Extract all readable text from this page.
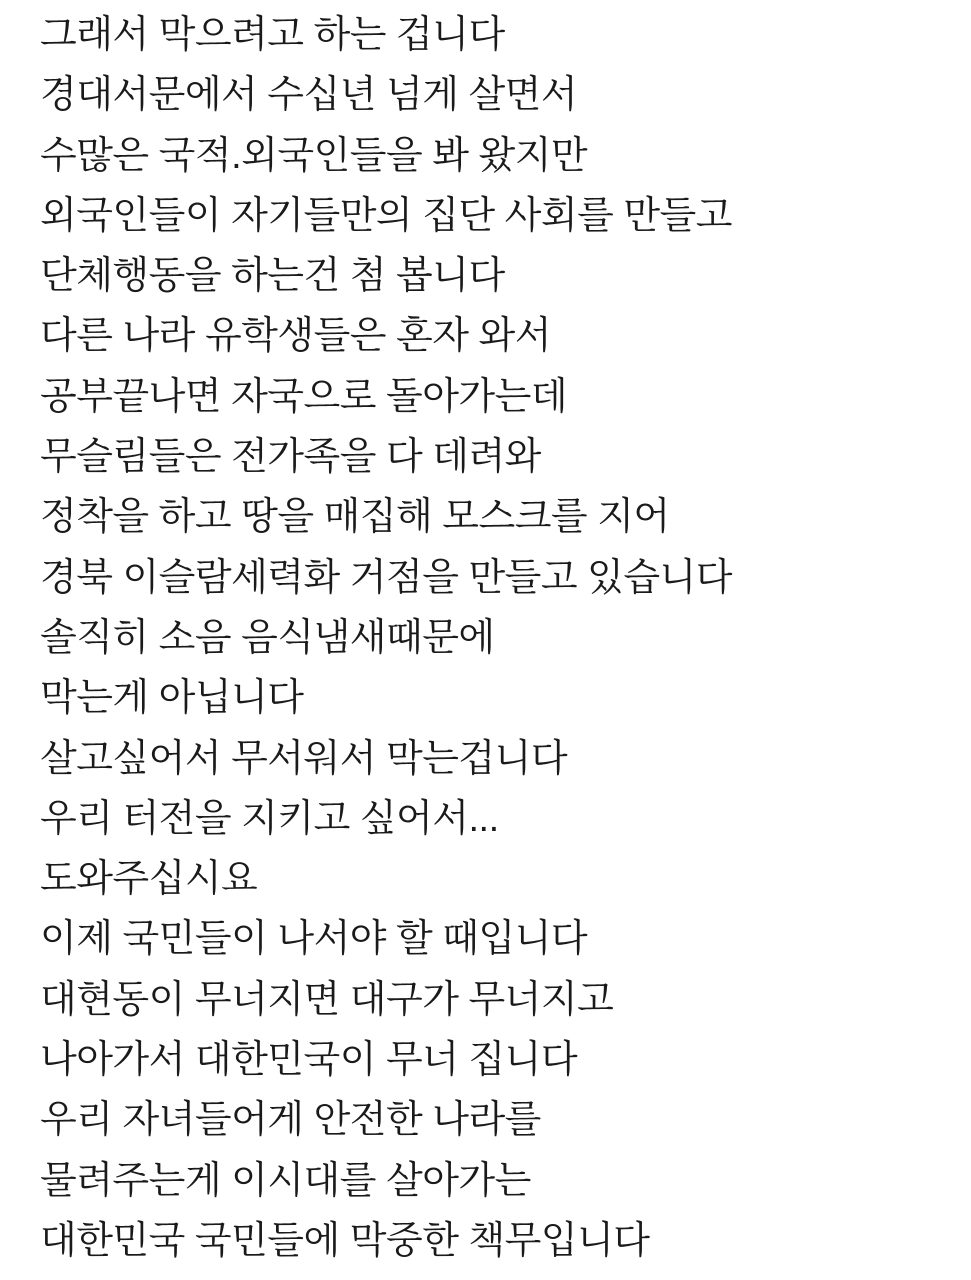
그래서 막으려고 하는 겁니다

경대서문에서 수십년 넘게 살면서

수많은 국적.외국인들을 봐 왔지만

외국인들이 자기들만의 집단 사회를 만들고

단체행동을 하는건 첨 봅니다

다른 나라 유학생들은 혼자 와서

공부끝나면 자국으로 돌아가는데

무슬림들은 전가족을 다 데려와

정착을 하고 땅을 매집해 모스크를 지어

경북 이슬람세력화 거점을 만들고 있습니다

솔직히 소음 음식냄새때문에

막는게 아닙니다

살고싶어서 무서워서 막는겁니다

우리 터전을 지키고 싶어서...

도와주십시요

이제 국민들이 나서야 할 때입니다

대현동이 무너지면 대구가 무너지고

나아가서 대한민국이 무너 집니다

우리 자녀들어게 안전한 나라를

물려주는게 이시대를 살아가는

대한민국 국민들에 막중한 책무입니다
